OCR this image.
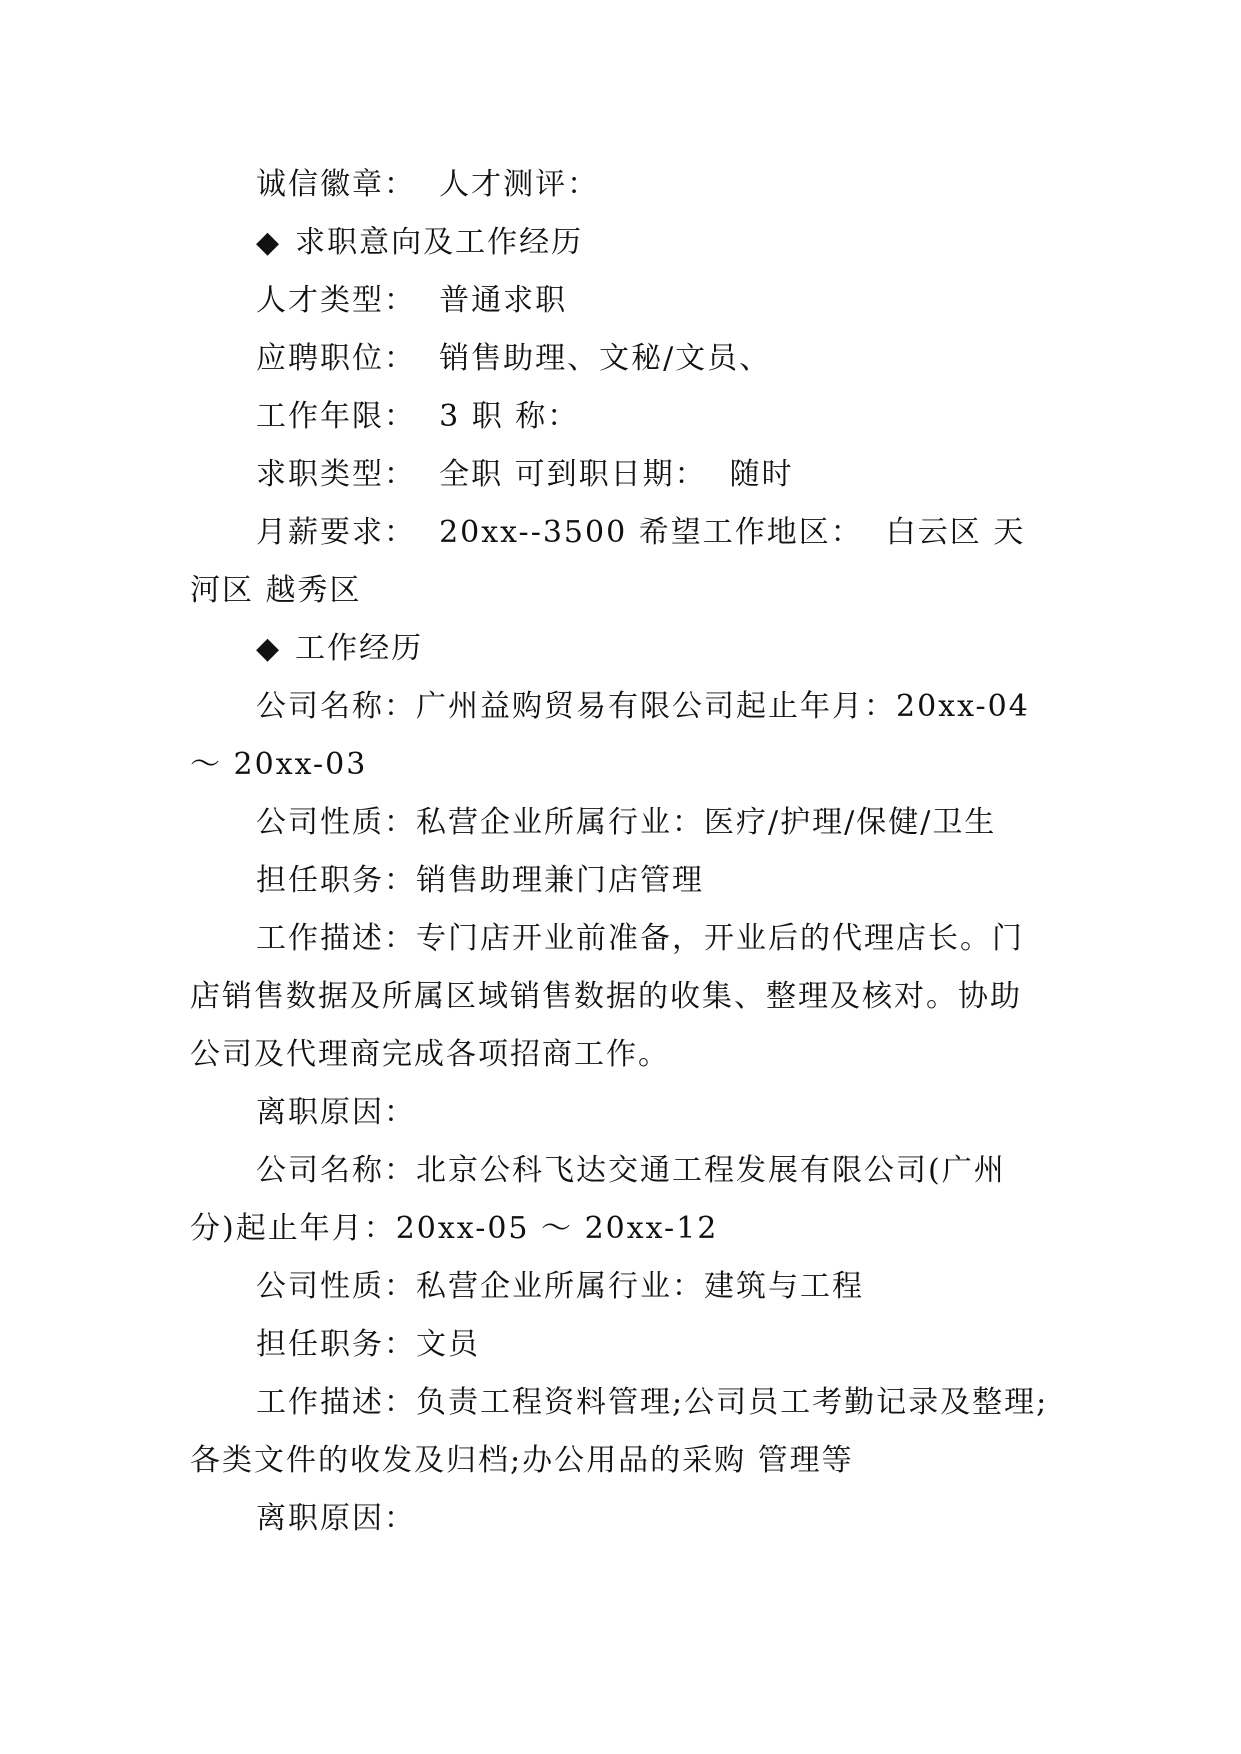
诚信徽章：  人才测评：

◆ 求职意向及工作经历

人才类型：  普通求职

应聘职位：  销售助理、文秘/文员、

工作年限：  3 职 称：

求职类型：  全职 可到职日期：  随时

月薪要求：  20xx--3500 希望工作地区：  白云区 天河区 越秀区

◆ 工作经历

公司名称：广州益购贸易有限公司起止年月：20xx-04 ～ 20xx-03

公司性质：私营企业所属行业：医疗/护理/保健/卫生

担任职务：销售助理兼门店管理

工作描述：专门店开业前准备，开业后的代理店长。门店销售数据及所属区域销售数据的收集、整理及核对。协助公司及代理商完成各项招商工作。

离职原因：

公司名称：北京公科飞达交通工程发展有限公司(广州分)起止年月：20xx-05 ～ 20xx-12

公司性质：私营企业所属行业：建筑与工程

担任职务：文员

工作描述：负责工程资料管理;公司员工考勤记录及整理;各类文件的收发及归档;办公用品的采购 管理等

离职原因：
